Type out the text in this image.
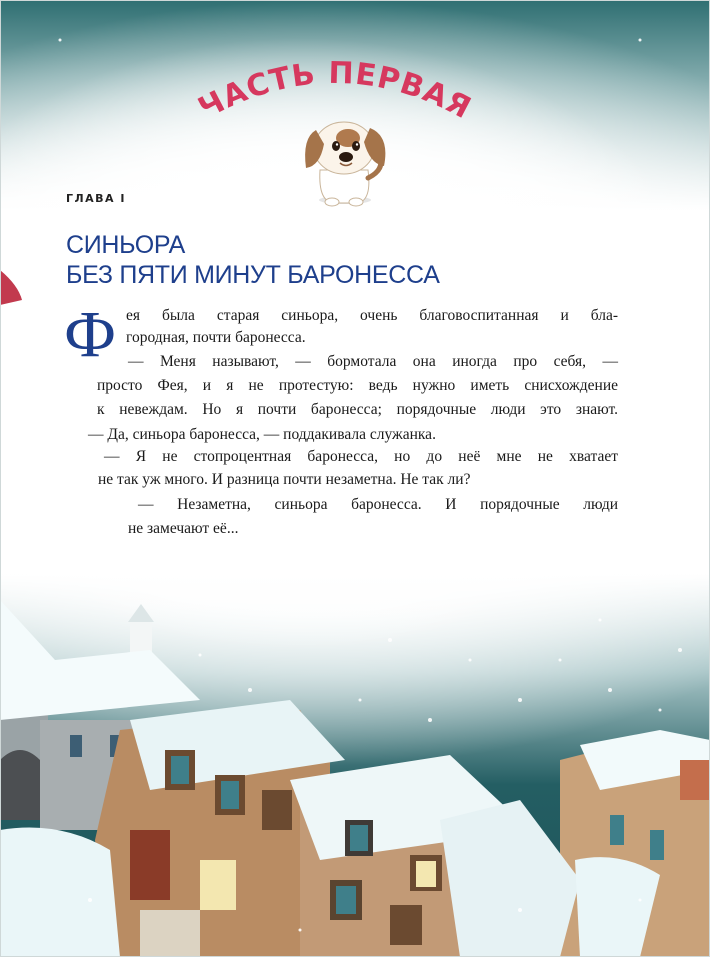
ЧАСТЬ ПЕРВАЯ
ГЛАВА I
СИНЬОРА
БЕЗ ПЯТИ МИНУТ БАРОНЕССА
Ф ея была старая синьора, очень благовоспитанная и бла-
городная, почти баронесса.
— Меня называют, — бормотала она иногда про себя, —
просто Фея, и я не протестую: ведь нужно иметь снисхождение
к невеждам. Но я почти баронесса; порядочные люди это знают.
— Да, синьора баронесса, — поддакивала служанка.
— Я не стопроцентная баронесса, но до неё мне не хватает
не так уж много. И разница почти незаметна. Не так ли?
— Незаметна, синьора баронесса. И порядочные люди
не замечают её...
